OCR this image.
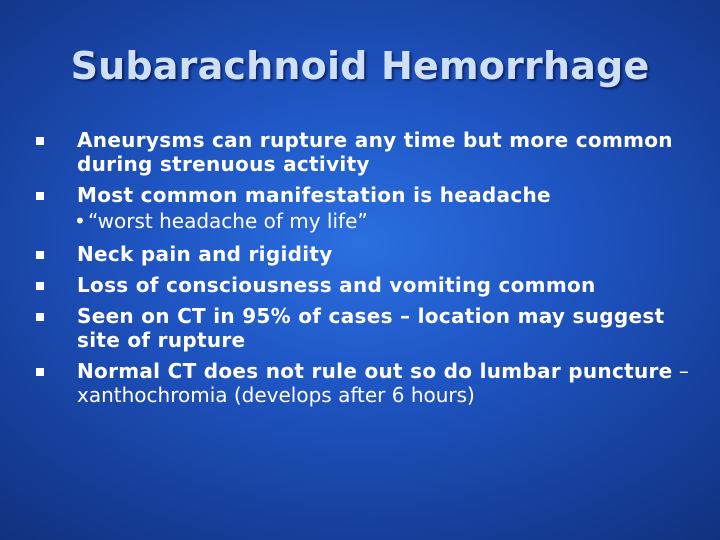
Subarachnoid Hemorrhage
Aneurysms can rupture any time but more common during strenuous activity
Most common manifestation is headache
• “worst headache of my life”
Neck pain and rigidity
Loss of consciousness and vomiting common
Seen on CT in 95% of cases – location may suggest site of rupture
Normal CT does not rule out so do lumbar puncture – xanthochromia (develops after 6 hours)
